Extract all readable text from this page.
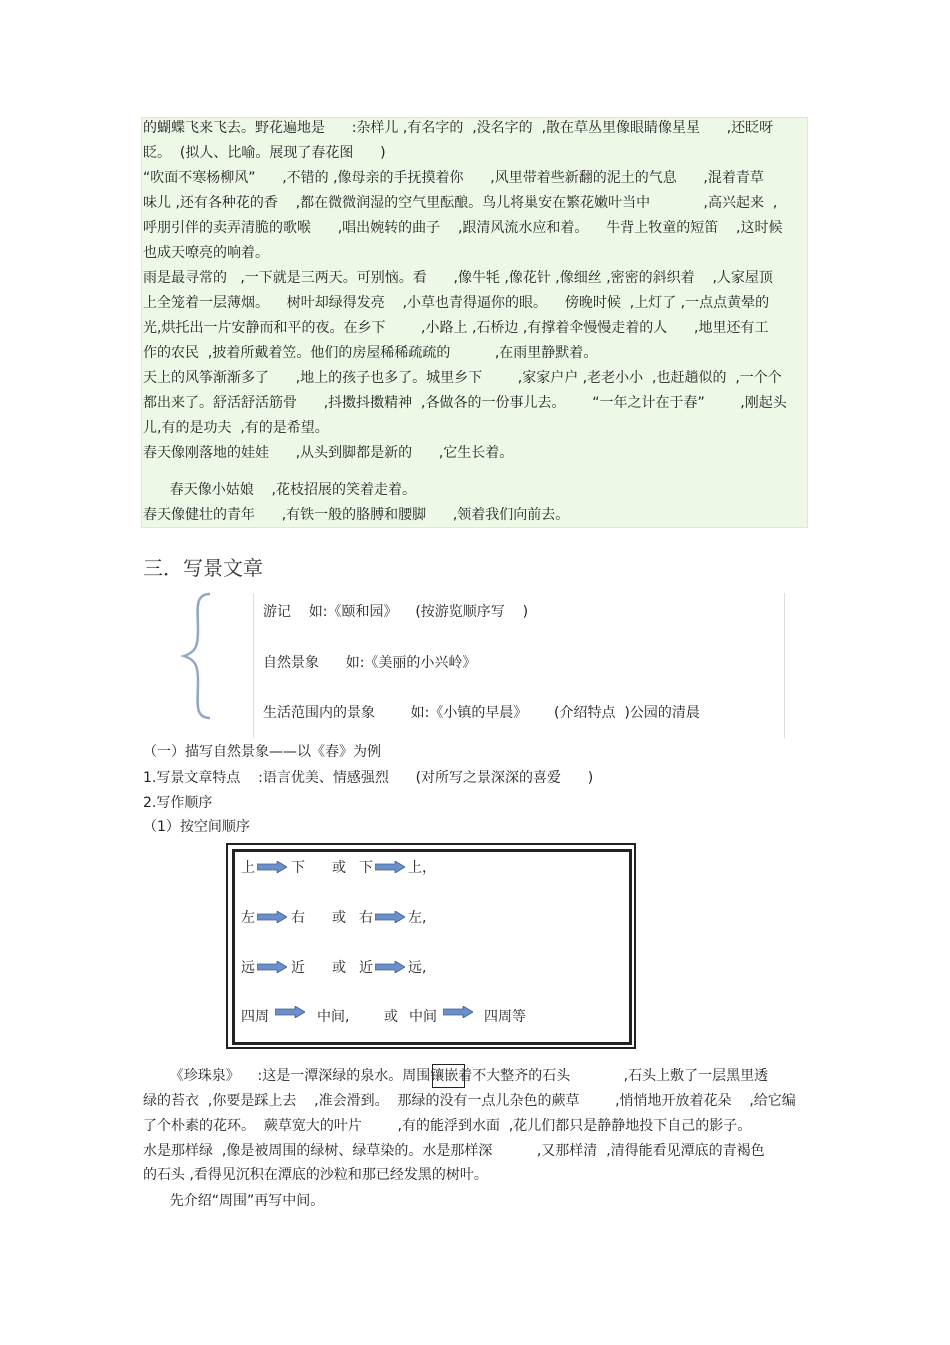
的蝴蝶飞来飞去。野花遍地是      :杂样儿 ,有名字的  ,没名字的  ,散在草丛里像眼睛像星星      ,还眨呀
眨。  (拟人、比喻。展现了春花图      )
“吹面不寒杨柳风”      ,不错的 ,像母亲的手抚摸着你      ,风里带着些新翻的泥土的气息      ,混着青草
味儿 ,还有各种花的香    ,都在微微润湿的空气里酝酿。鸟儿将巢安在繁花嫩叶当中            ,高兴起来  ,
呼朋引伴的卖弄清脆的歌喉      ,唱出婉转的曲子    ,跟清风流水应和着。    牛背上牧童的短笛    ,这时候
也成天嘹亮的响着。
雨是最寻常的   ,一下就是三两天。可别恼。看      ,像牛牦 ,像花针 ,像细丝 ,密密的斜织着    ,人家屋顶
上全笼着一层薄烟。    树叶却绿得发亮    ,小草也青得逼你的眼。    傍晚时候  ,上灯了 ,一点点黄晕的
光,烘托出一片安静而和平的夜。在乡下        ,小路上 ,石桥边 ,有撑着伞慢慢走着的人      ,地里还有工
作的农民  ,披着所戴着笠。他们的房屋稀稀疏疏的          ,在雨里静默着。
天上的风筝渐渐多了      ,地上的孩子也多了。城里乡下        ,家家户户 ,老老小小  ,也赶趟似的  ,一个个
都出来了。舒活舒活筋骨      ,抖擞抖擞精神  ,各做各的一份事儿去。      “一年之计在于春”        ,刚起头
儿,有的是功夫  ,有的是希望。
春天像刚落地的娃娃      ,从头到脚都是新的      ,它生长着。
春天像小姑娘    ,花枝招展的笑着走着。
春天像健壮的青年      ,有铁一般的胳膊和腰脚      ,领着我们向前去。
三．写景文章
游记    如:《颐和园》    (按游览顺序写    )
自然景象      如:《美丽的小兴岭》
生活范围内的景象        如:《小镇的早晨》      (介绍特点  )公园的清晨
（一）描写自然景象——以《春》为例
1.写景文章特点    :语言优美、情感强烈      (对所写之景深深的喜爱      )
2.写作顺序
（1）按空间顺序
上	下 或 下	上，
左	右 或 右	左,
远	近 或 近	远,
四周	中间, 或 中间	四周等
《珍珠泉》    :这是一潭深绿的泉水。周围镶嵌着不大整齐的石头            ,石头上敷了一层黑里透
绿的苔衣  ,你要是踩上去    ,准会滑到。  那绿的没有一点儿杂色的蕨草        ,悄悄地开放着花朵    ,给它编
了个朴素的花环。  蕨草宽大的叶片        ,有的能浮到水面  ,花儿们都只是静静地投下自己的影子。
水是那样绿  ,像是被周围的绿树、绿草染的。水是那样深          ,又那样清  ,清得能看见潭底的青褐色
的石头 ,看得见沉积在潭底的沙粒和那已经发黑的树叶。
先介绍“周围”再写中间。
